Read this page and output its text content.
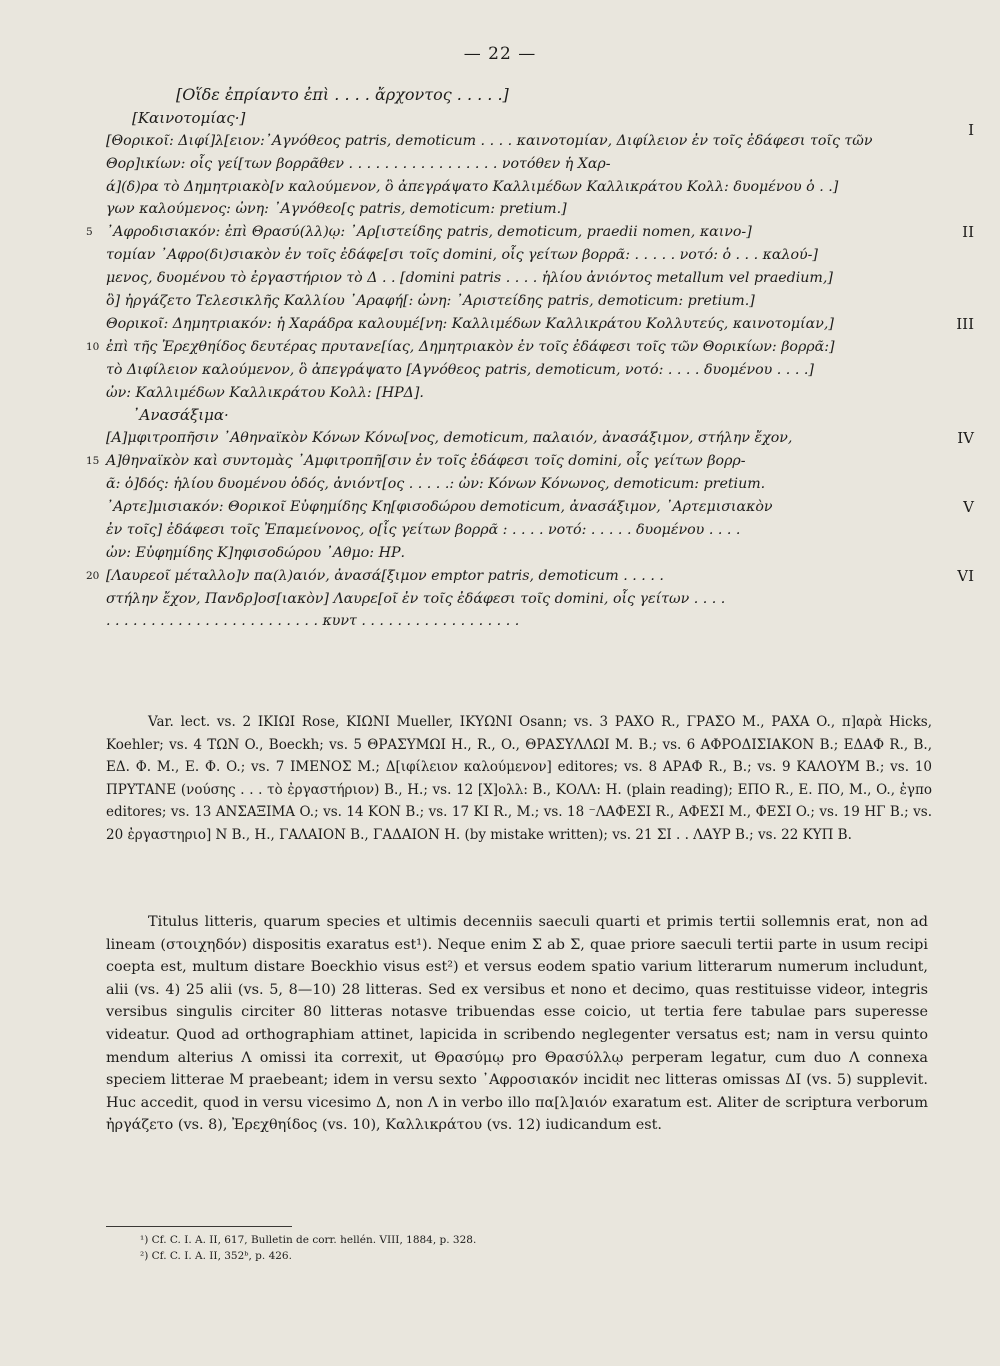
— 22 —
[Οἵδε ἐπρίαντο ἐπὶ . . . . ἄρχοντος . . . . .]
[Καινοτομίας·]
I
[Θορικοῖ: Διφί]λ[ειον:᾿Αγνόθεος patris, demoticum . . . . καινοτομίαν, Διφίλειον ἐν τοῖς ἐδάφεσι τοῖς τῶν
Θορ]ικίων: οἷς γεί[των βορρᾶθεν . . . . . . . . . . . . . . . . . νοτόθεν ἡ Χαρ-
ά](δ)ρα τὸ Δημητριακὸ[ν καλούμενον, ὃ ἀπεγράψατο Καλλιμέδων Καλλικράτου Κολλ: δυομένου ὁ . .]
γων καλούμενος: ὠνη: ᾿Αγνόθεο[ς patris, demoticum: pretium.]
5 ᾿Αφροδισιακόν: ἐπὶ Θρασύ(λλ)ῳ: ᾿Αρ[ιστείδης patris, demoticum, praedii nomen, καινο-]	II
τομίαν ᾿Αφρο(δι)σιακὸν ἐν τοῖς ἐδάφε[σι τοῖς domini, οἷς γείτων βορρᾶ: . . . . . νοτό: ὁ . . . καλού-]
μενος, δυομένου τὸ ἐργαστήριον τὸ Δ . . [domini patris . . . . ἡλίου ἀνιόντος metallum vel praedium,]
ὃ] ἠργάζετο Τελεσικλῆς Καλλίου ᾿Αραφή[: ὠνη: ᾿Αριστείδης patris, demoticum: pretium.]
Θορικοῖ: Δημητριακόν: ἡ Χαράδρα καλουμέ[νη: Καλλιμέδων Καλλικράτου Κολλυτεύς, καινοτομίαν,]	III
10 ἐπὶ τῆς Ἐρεχθηίδος δευτέρας πρυτανε[ίας, Δημητριακὸν ἐν τοῖς ἐδάφεσι τοῖς τῶν Θορικίων: βορρᾶ:]
τὸ Διφίλειον καλούμενον, ὃ ἀπεγράψατο [Αγνόθεος patris, demoticum, νοτό: . . . . δυομένου . . . .]
ὠν: Καλλιμέδων Καλλικράτου Κολλ: [ΗΡΔ].
᾿Ανασάξιμα·
[Α]μφιτροπῆσιν ᾿Αθηναϊκὸν Κόνων Κόνω[νος, demoticum, παλαιόν, ἀνασάξιμον, στήλην ἔχον,	IV
15 Α]θηναϊκὸν καὶ συντομὰς ᾿Αμφιτροπῆ[σιν ἐν τοῖς ἐδάφεσι τοῖς domini, οἷς γείτων βορρ-
ᾶ: ὁ]δός: ἡλίου δυομένου ὁδός, ἀνιόντ[ος . . . . .: ὠν: Κόνων Κόνωνος, demoticum: pretium.
᾿Αρτε]μισιακόν: Θορικοῖ Εὐφημίδης Κη[φισοδώρου demoticum, ἀνασάξιμον, ᾿Αρτεμισιακὸν	V
ἐν τοῖς] ἐδάφεσι τοῖς Ἐπαμείνονος, ο[ἷς γείτων βορρᾶ : . . . . νοτό: . . . . . δυομένου . . . .
ὠν: Εὐφημίδης Κ]ηφισοδώρου ᾿Αθμο: ΗΡ.
20 [Λαυρεοῖ μέταλλο]ν πα(λ)αιόν, ἀνασά[ξιμον emptor patris, demoticum . . . . .	VI
στήλην ἔχον, Πανδρ]οσ[ιακὸν] Λαυρε[οῖ ἐν τοῖς ἐδάφεσι τοῖς domini, οἷς γείτων . . . .
. . . . . . . . . . . . . . . . . . . . . . . . κυντ . . . . . . . . . . . . . . . . . .
Var. lect. vs. 2 ΙΚΙΩΙ Rose, ΚΙΩΝΙ Mueller, ΙΚΥΩΝΙ Osann; vs. 3 ΡΑΧΟ R., ΓΡΑΣΟ M., ΡΑΧΑ O., π]αρὰ Hicks, Koehler; vs. 4 ΤΩΝ O., Boeckh; vs. 5 ΘΡΑΣΥΜΩΙ H., R., O., ΘΡΑΣΥΛΛΩΙ M. B.; vs. 6 ΑΦΡΟΔΙΣΙΑΚΟΝ B.; ΕΔΑΦ R., B., ΕΔ. Φ. M., Ε. Φ. O.; vs. 7 ΙΜΕΝΟΣ M.; Δ[ιφίλειον καλούμενον] editores; vs. 8 ΑΡΑΦ R., B.; vs. 9 ΚΑΛΟΥΜ B.; vs. 10 ΠΡΥΤΑΝΕ (νούσης . . . τὸ ἐργαστήριον) B., H.; vs. 12 [Χ]ολλ: B., ΚΟΛΛ: H. (plain reading); ΕΠΟ R., Ε. ΠΟ, M., O., ἐγπο editores; vs. 13 ΑΝΣΑΞΙΜΑ O.; vs. 14 ΚΟΝ B.; vs. 17 ΚΙ R., M.; vs. 18 ⁻ΛΑΦΕΣΙ R., ΑΦΕΣΙ M., ΦΕΣΙ O.; vs. 19 ΗΓ B.; vs. 20 ἐργαστηριο] Ν B., H., ΓΑΛΑΙΟΝ B., ΓΑΔΑΙΟΝ H. (by mistake written); vs. 21 ΣΙ . . ΛΑΥΡ B.; vs. 22 ΚΥΠ B.
Titulus litteris, quarum species et ultimis decenniis saeculi quarti et primis tertii sollemnis erat, non ad lineam (στοιχηδόν) dispositis exaratus est¹). Neque enim Σ ab Σ, quae priore saeculi tertii parte in usum recipi coepta est, multum distare Boeckhio visus est²) et versus eodem spatio varium litterarum numerum includunt, alii (vs. 4) 25 alii (vs. 5, 8—10) 28 litteras. Sed ex versibus et nono et decimo, quas restituisse videor, integris versibus singulis circiter 80 litteras notasve tribuendas esse coicio, ut tertia fere tabulae pars superesse videatur. Quod ad orthographiam attinet, lapicida in scribendo neglegenter versatus est; nam in versu quinto mendum alterius Λ omissi ita correxit, ut Θρασύμῳ pro Θρασύλλῳ perperam legatur, cum duo Λ connexa speciem litterae Μ praebeant; idem in versu sexto ᾿Αφροσιακόν incidit nec litteras omissas ΔΙ (vs. 5) supplevit. Huc accedit, quod in versu vicesimo Δ, non Λ in verbo illo πα[λ]αιόν exaratum est. Aliter de scriptura verborum ἠργάζετο (vs. 8), Ἐρεχθηίδος (vs. 10), Καλλικράτου (vs. 12) iudicandum est.
¹) Cf. C. I. A. II, 617, Bulletin de corr. hellén. VIII, 1884, p. 328.
²) Cf. C. I. A. II, 352ᵇ, p. 426.
